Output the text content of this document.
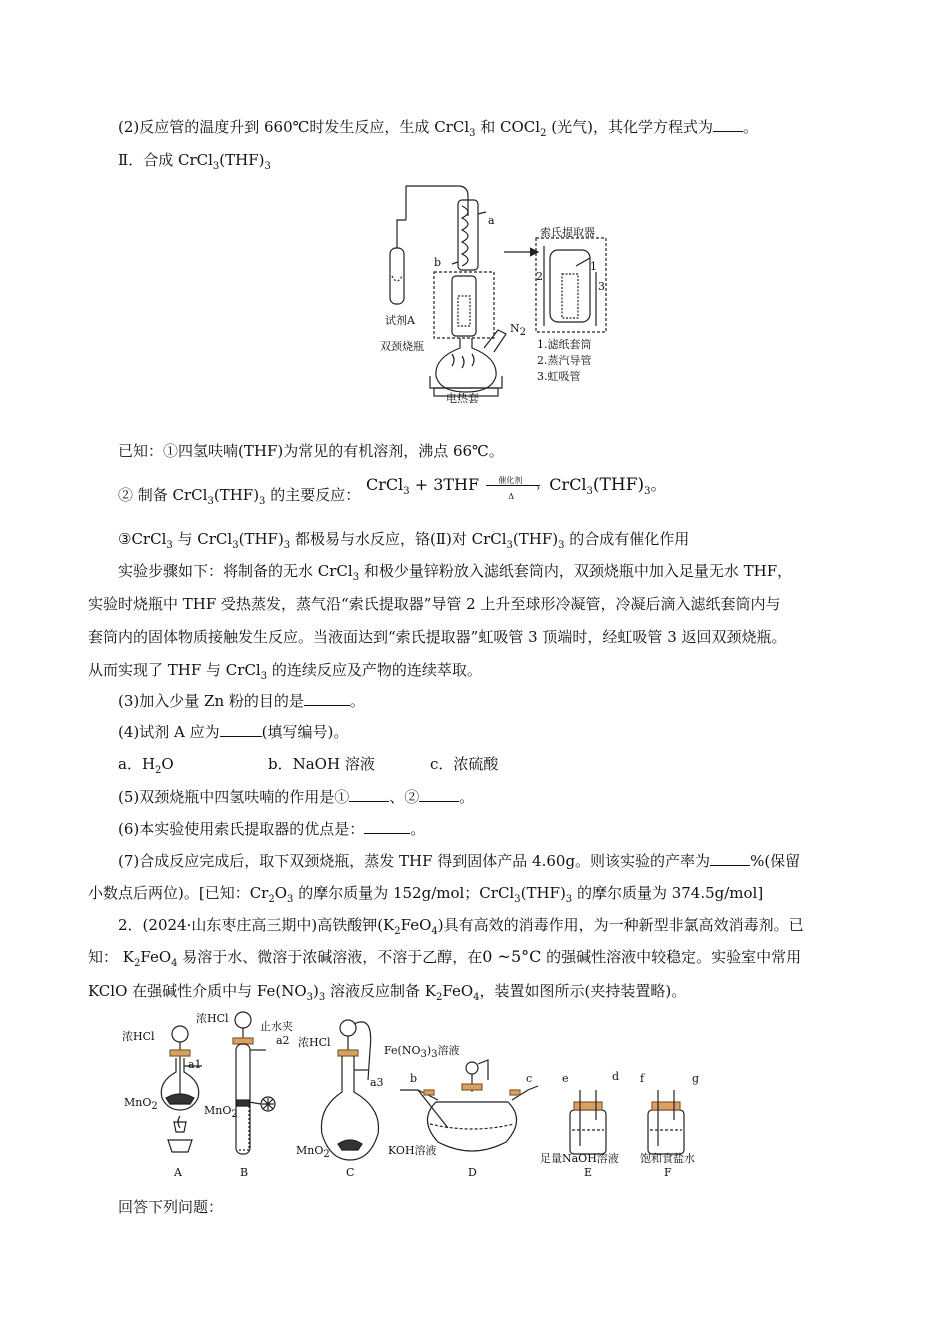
(2)反应管的温度升到 660℃时发生反应，生成 CrCl$_3$ 和 COCl$_2$ (光气)，其化学方程式为 。
Ⅱ．合成 $CrCl_3(THF)_3$
a
b
$N_2$
试剂A
双颈烧瓶
电热套
索氏提取器
1
2
3
1.滤纸套筒
2.蒸汽导管
3.虹吸管
已知：①四氢呋喃(THF)为常见的有机溶剂，沸点 66℃。
② 制备 $CrCl_3(THF)_3$ 的主要反应：
CrCl$_3$ + 3THF 催化剂
›
Δ
$CrCl_3(THF)_3$。
③CrCl$_3$ 与 $CrCl_3(THF)_3$ 都极易与水反应，铬(Ⅱ)对 $CrCl_3(THF)_3$ 的合成有催化作用
实验步骤如下：将制备的无水 CrCl$_3$ 和极少量锌粉放入滤纸套筒内，双颈烧瓶中加入足量无水 THF，
实验时烧瓶中 THF 受热蒸发，蒸气沿“索氏提取器”导管 2 上升至球形冷凝管，冷凝后滴入滤纸套筒内与
套筒内的固体物质接触发生反应。当液面达到“索氏提取器”虹吸管 3 顶端时，经虹吸管 3 返回双颈烧瓶。
从而实现了 THF 与 CrCl$_3$ 的连续反应及产物的连续萃取。
(3)加入少量 Zn 粉的目的是	。
(4)试剂 A 应为	(填写编号)。
a．$H_2O$	b．NaOH 溶液	c．浓硫酸
(5)双颈烧瓶中四氢呋喃的作用是①	、②	。
(6)本实验使用索氏提取器的优点是：	。
(7)合成反应完成后，取下双颈烧瓶，蒸发 THF 得到固体产品 4.60g。则该实验的产率为	%(保留
小数点后两位)。[已知：$Cr_2O_3$ 的摩尔质量为 152g/mol；$CrCl_3(THF)_3$ 的摩尔质量为 374.5g/mol]
2．(2024·山东枣庄高三期中)高铁酸钾$(K_2FeO_4)$具有高效的消毒作用，为一种新型非氯高效消毒剂。已
知： $K_2FeO_4$ 易溶于水、微溶于浓碱溶液，不溶于乙醇，在0 ~5°C 的强碱性溶液中较稳定。实验室中常用
KClO 在强碱性介质中与 $Fe(NO_3)_3$ 溶液反应制备 $K_2FeO_4$，装置如图所示(夹持装置略)。
浓HCl
a1
MnO$_2$
A
浓HCl
止水夹
a2
MnO$_2$
B
浓HCl
a3
MnO$_2$
C
$Fe(NO_3)_3$溶液
b	c
KOH溶液
D
e	d
足量NaOH溶液
E
f	g
饱和食盐水
F
回答下列问题：
